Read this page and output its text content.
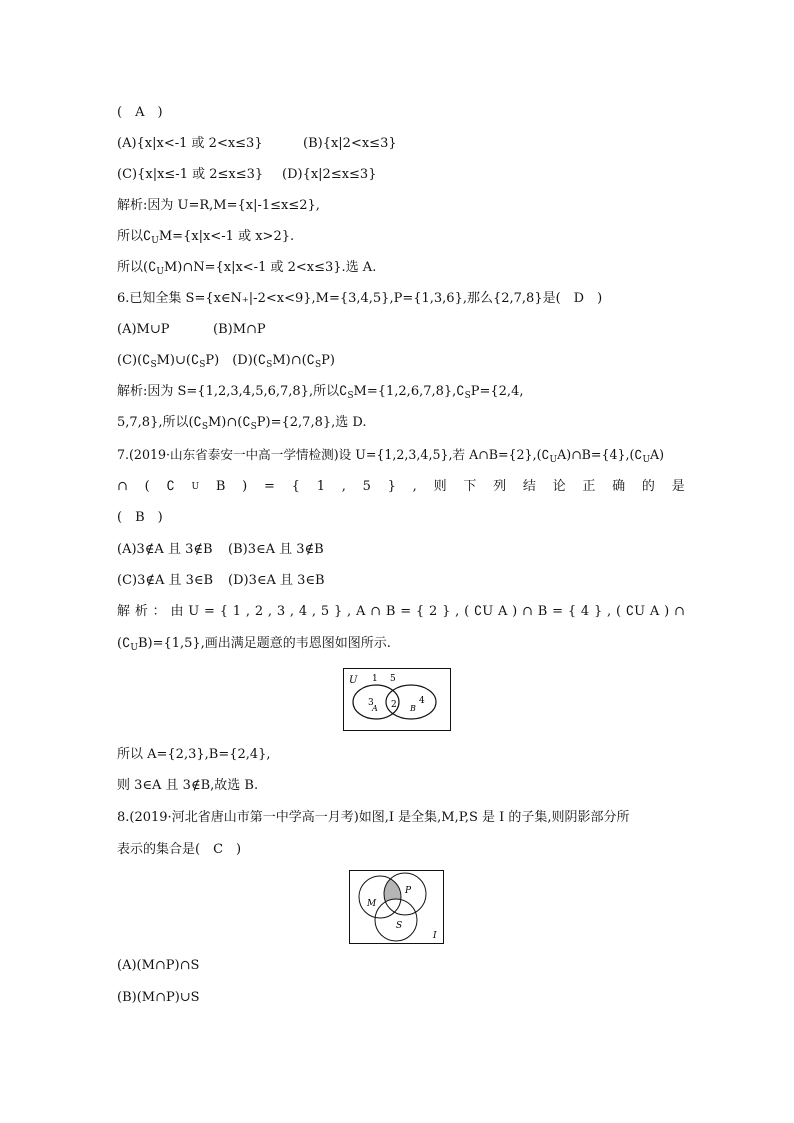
(　A　)
(A){x|x<-1 或 2<x≤3}	(B){x|2<x≤3}
(C){x|x≤-1 或 2≤x≤3} (D){x|2≤x≤3}
解析:因为 U=R,M={x|-1≤x≤2},
所以$∁_UM=\{x|x<-1$ 或 x>2}.
所以$(∁_UM)\cap N=\{x|x<-1$ 或 2<x≤3}.选 A.
6.已知全集 S={x∈N₊|-2<x<9},M={3,4,5},P={1,3,6},那么{2,7,8}是(　D　)
(A)M∪P	(B)M∩P
$(C)(∁_SM)\cup(∁_SP)$　$(D)(∁_SM)\cap(∁_SP)$
解析:因为 S={1,2,3,4,5,6,7,8},所以$∁_SM=\{1,2,6,7,8\},∁_SP=\{2,4$,
5,7,8},所以$(∁_SM)\cap(∁_SP)=\{2,7,8\}$,选 D.
7.(2019·山东省泰安一中高一学情检测)设 U={1,2,3,4,5},若 $A\cap B=\{2\},(∁_UA)\cap B=\{4\},(∁_UA)$
∩ ( ∁ U B ) = { 1 , 5 } , 则 下 列 结 论 正 确 的 是
(　B　)
(A)3∉A 且 3∉B (B)3∈A 且 3∉B
(C)3∉A 且 3∈B (D)3∈A 且 3∈B
解 析 ： 由 U = { 1 , 2 , 3 , 4 , 5 } , A ∩ B = { 2 } , ( ∁U A ) ∩ B = { 4 } , ( ∁U A ) ∩
$(∁_UB)=\{1,5\}$,画出满足题意的韦恩图如图所示.
U 1 5
3
A 2 B
4
所以 A={2,3},B={2,4},
则 3∈A 且 3∉B,故选 B.
8.(2019·河北省唐山市第一中学高一月考)如图,I 是全集,M,P,S 是 I 的子集,则阴影部分所
表示的集合是(　C　)
M
P
S
I
(A)(M∩P)∩S
(B)(M∩P)∪S
